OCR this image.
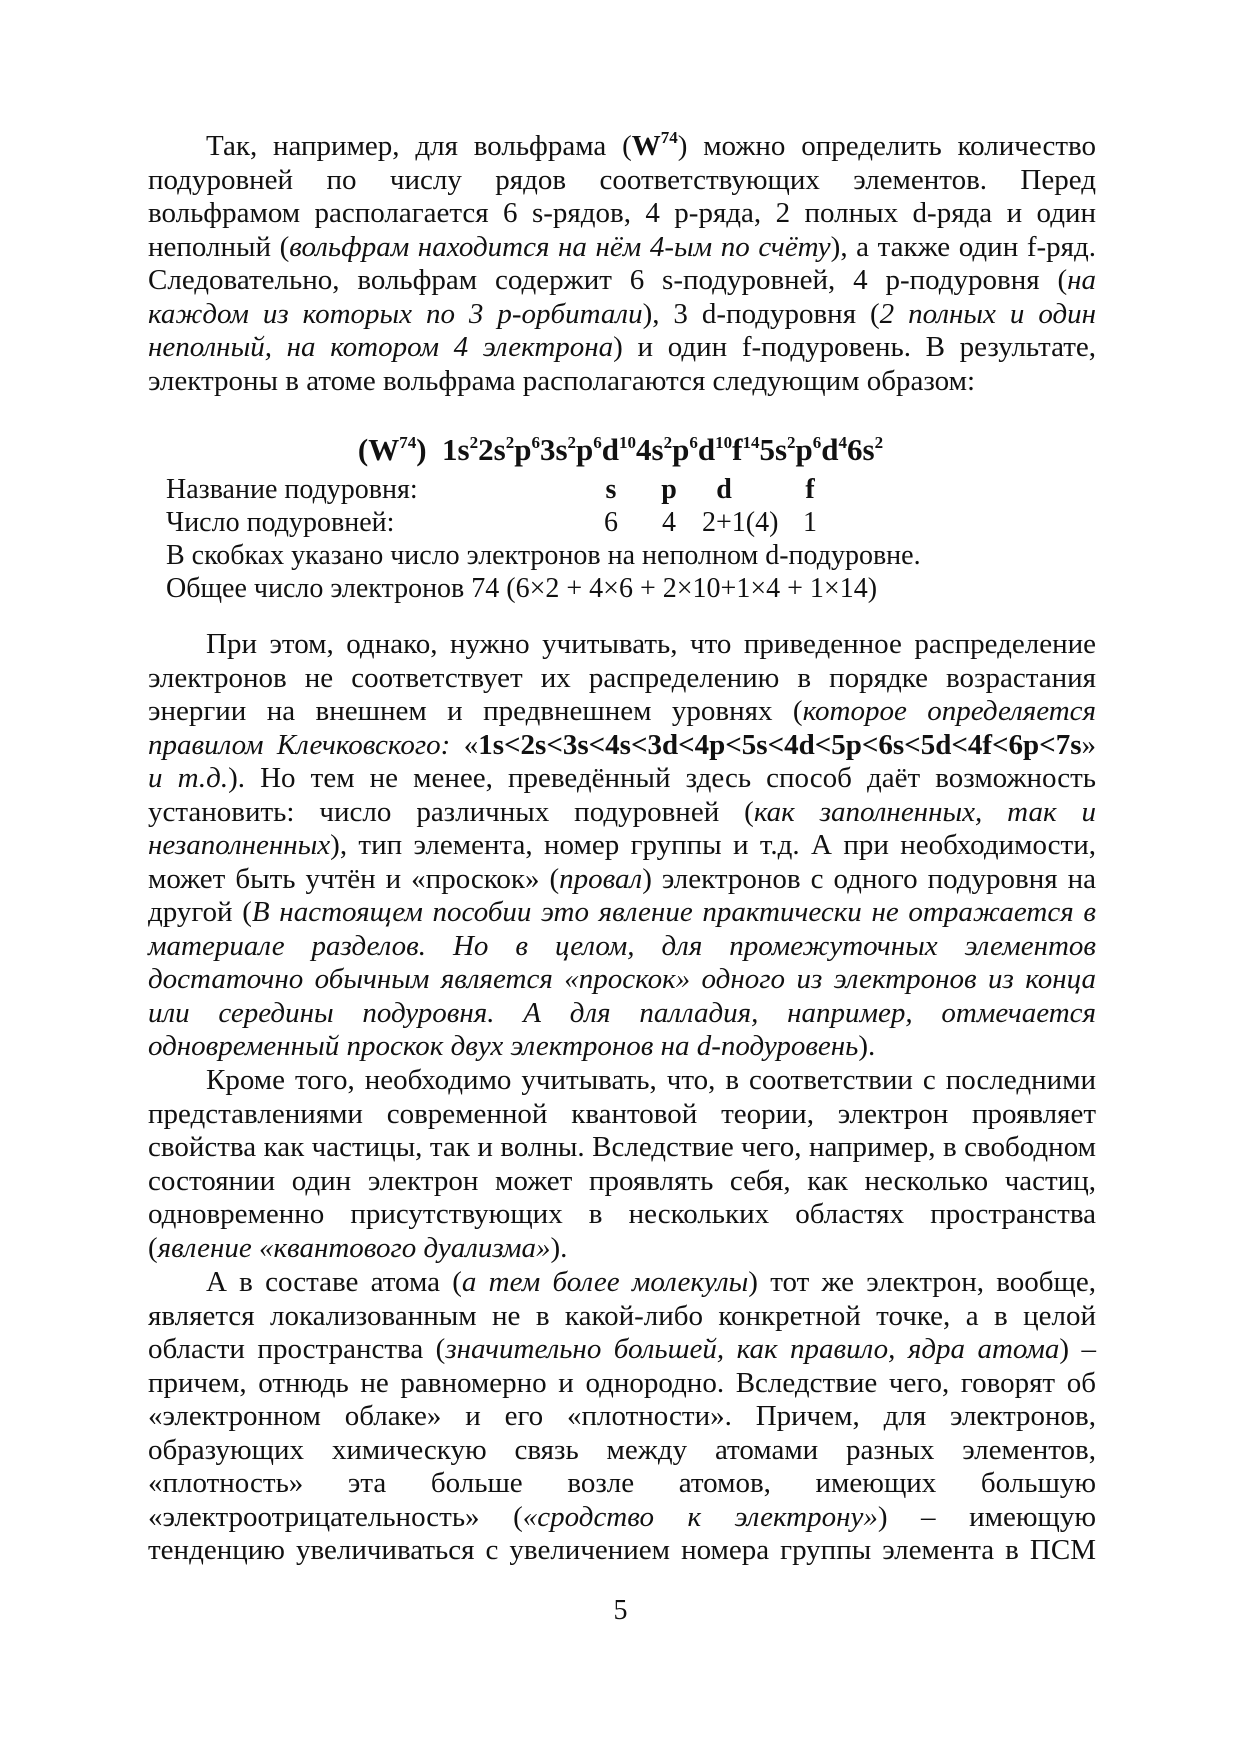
Так, например, для вольфрама $(W^{74})$ можно определить количество подуровней по числу рядов соответствующих элементов. Перед вольфрамом располагается 6 s-рядов, 4 p-ряда, 2 полных d-ряда и один неполный (вольфрам находится на нём 4-ым по счёту), а также один f-ряд. Следовательно, вольфрам содержит 6 s-подуровней, 4 p-подуровня (на каждом из которых по 3 p-орбитали), 3 d-подуровня (2 полных и один неполный, на котором 4 электрона) и один f-подуровень. В результате, электроны в атоме вольфрама располагаются следующим образом:

$(W^{74})$  $1s^22s^2p^63s^2p^6d^{10}4s^2p^6d^{10}f^{14}5s^2p^6d^46s^2$
Название подуровня:	s	p	d	f
Число подуровней:	6	4 2+1(4) 1
В скобках указано число электронов на неполном d-подуровне.
Общее число электронов 74 (6×2 + 4×6 + 2×10+1×4 + 1×14)

При этом, однако, нужно учитывать, что приведенное распределение электронов не соответствует их распределению в порядке возрастания энергии на внешнем и предвнешнем уровнях (которое определяется правилом Клечковского: «1s<2s<3s<4s<3d<4p<5s<4d<5p<6s<5d<4f<6p<7s» и т.д.). Но тем не менее, преведённый здесь способ даёт возможность установить: число различных подуровней (как заполненных, так и незаполненных), тип элемента, номер группы и т.д. А при необходимости, может быть учтён и «проскок» (провал) электронов с одного подуровня на другой (В настоящем пособии это явление практически не отражается в материале разделов. Но в целом, для промежуточных элементов достаточно обычным является «проскок» одного из электронов из конца или середины подуровня. А для палладия, например, отмечается одновременный проскок двух электронов на d-подуровень).

Кроме того, необходимо учитывать, что, в соответствии с последними представлениями современной квантовой теории, электрон проявляет свойства как частицы, так и волны. Вследствие чего, например, в свободном состоянии один электрон может проявлять себя, как несколько частиц, одновременно присутствующих в нескольких областях пространства (явление «квантового дуализма»).

А в составе атома (а тем более молекулы) тот же электрон, вообще, является локализованным не в какой-либо конкретной точке, а в целой области пространства (значительно большей, как правило, ядра атома) – причем, отнюдь не равномерно и однородно. Вследствие чего, говорят об «электронном облаке» и его «плотности». Причем, для электронов, образующих химическую связь между атомами разных элементов, «плотность» эта больше возле атомов, имеющих большую «электроотрицательность» («сродство к электрону») – имеющую тенденцию увеличиваться с увеличением номера группы элемента в ПСМ

5
